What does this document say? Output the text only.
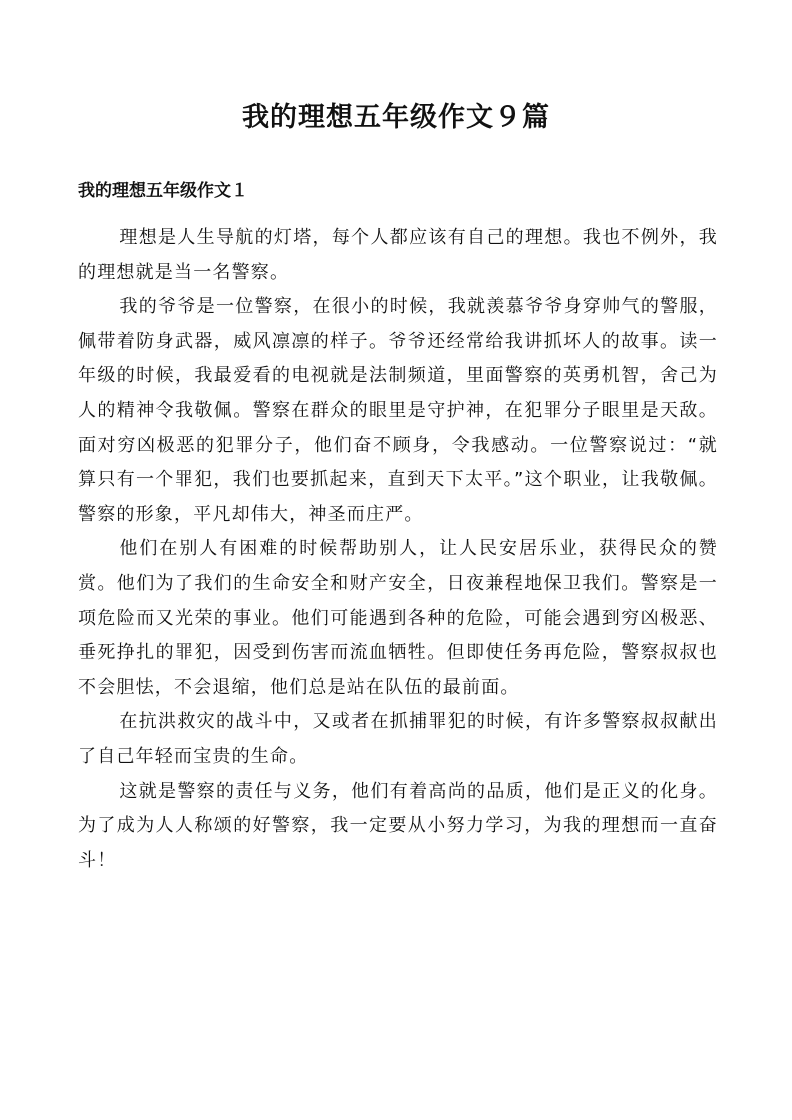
我的理想五年级作文９篇
我的理想五年级作文１

理想是人生导航的灯塔，每个人都应该有自己的理想。我也不例外，我的理想就是当一名警察。

我的爷爷是一位警察，在很小的时候，我就羡慕爷爷身穿帅气的警服，佩带着防身武器，威风凛凛的样子。爷爷还经常给我讲抓坏人的故事。读一年级的时候，我最爱看的电视就是法制频道，里面警察的英勇机智，舍己为人的精神令我敬佩。警察在群众的眼里是守护神，在犯罪分子眼里是天敌。面对穷凶极恶的犯罪分子，他们奋不顾身，令我感动。一位警察说过：“就算只有一个罪犯，我们也要抓起来，直到天下太平。”这个职业，让我敬佩。警察的形象，平凡却伟大，神圣而庄严。

他们在别人有困难的时候帮助别人，让人民安居乐业，获得民众的赞赏。他们为了我们的生命安全和财产安全，日夜兼程地保卫我们。警察是一项危险而又光荣的事业。他们可能遇到各种的危险，可能会遇到穷凶极恶、垂死挣扎的罪犯，因受到伤害而流血牺牲。但即使任务再危险，警察叔叔也不会胆怯，不会退缩，他们总是站在队伍的最前面。

在抗洪救灾的战斗中，又或者在抓捕罪犯的时候，有许多警察叔叔献出了自己年轻而宝贵的生命。

这就是警察的责任与义务，他们有着高尚的品质，他们是正义的化身。为了成为人人称颂的好警察，我一定要从小努力学习，为我的理想而一直奋斗！
